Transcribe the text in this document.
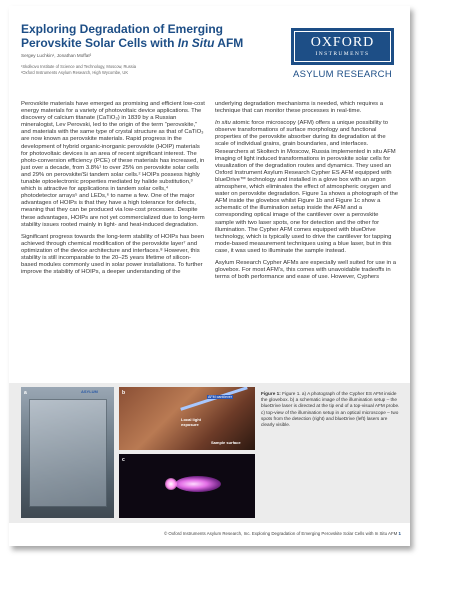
Exploring Degradation of Emerging
Perovskite Solar Cells with In Situ AFM
Sergey Luchkin¹, Jonathan Moffat²
¹Skolkovo Institute of Science and Technology, Moscow, Russia
²Oxford Instruments Asylum Research, High Wycombe, UK
OXFORD
INSTRUMENTS
ASYLUM RESEARCH

Perovskite materials have emerged as promising and efficient low-cost energy materials for a variety of photovoltaic device applications. The discovery of calcium titanate (CaTiO₃) in 1839 by a Russian mineralogist, Lev Perovski, led to the origin of the term “perovskite,” and materials with the same type of crystal structure as that of CaTiO₃ are now known as perovskite materials. Rapid progress in the development of hybrid organic-inorganic perovskite (HOIP) materials for photovoltaic devices is an area of recent significant interest. The photo-conversion efficiency (PCE) of these materials has increased, in just over a decade, from 3.8%¹ to over 25% on perovskite solar cells and 29% on perovskite/Si tandem solar cells.² HOIPs possess highly tunable optoelectronic properties mediated by halide substitution,³ which is attractive for applications in tandem solar cells,⁴ photodetector arrays⁵ and LEDs,⁶ to name a few. One of the major advantages of HOIPs is that they have a high tolerance for defects, meaning that they can be produced via low-cost processes. Despite these advantages, HOIPs are not yet commercialized due to long-term stability issues rooted mainly in light- and heat-induced degradation.

Significant progress towards the long-term stability of HOIPs has been achieved through chemical modification of the perovskite layer⁷ and optimization of the device architecture and interfaces.⁸ However, this stability is still incomparable to the 20–25 years lifetime of silicon-based modules commonly used in solar power installations. To further improve the stability of HOIPs, a deeper understanding of the

underlying degradation mechanisms is needed, which requires a technique that can monitor these processes in real-time.

In situ atomic force microscopy (AFM) offers a unique possibility to observe transformations of surface morphology and functional properties of the perovskite absorber during its degradation at the scale of individual grains, grain boundaries, and interfaces. Researchers at Skoltech in Moscow, Russia implemented in situ AFM imaging of light induced transformations in perovskite solar cells for visualization of the degradation routes and dynamics. They used an Oxford Instrument Asylum Research Cypher ES AFM equipped with blueDrive™ technology and installed in a glove box with an argon atmosphere, which eliminates the effect of atmospheric oxygen and water on perovskite degradation. Figure 1a shows a photograph of the AFM inside the glovebox whilst Figure 1b and Figure 1c show a schematic of the illumination setup inside the AFM and a corresponding optical image of the cantilever over a perovskite sample with two laser spots, one for detection and the other for illumination. The Cypher AFM comes equipped with blueDrive technology, which is typically used to drive the cantilever for tapping mode-based measurement techniques using a blue laser, but in this case, it was used to illuminate the sample instead.

Asylum Research Cypher AFMs are especially well suited for use in a glovebox. For most AFM’s, this comes with unavoidable tradeoffs in terms of both performance and ease of use. However, Cyphers

ASYLUM
a	b
AFM cantilever
Local light exposure
Sample surface
c
Figure 1: Figure 1. a) A photograph of the Cypher ES AFM inside the glovebox. b) a schematic image of the illumination setup – the blueDrive laser is directed at the tip end of a top-visual AFM probe. c) top-view of the illumination setup in an optical microscope – two spots from the detection (right) and blueDrive (left) lasers are clearly visible.
© Oxford Instruments Asylum Research, Inc. Exploring Degradation of Emerging Perovskite Solar Cells with In Situ AFM 1
